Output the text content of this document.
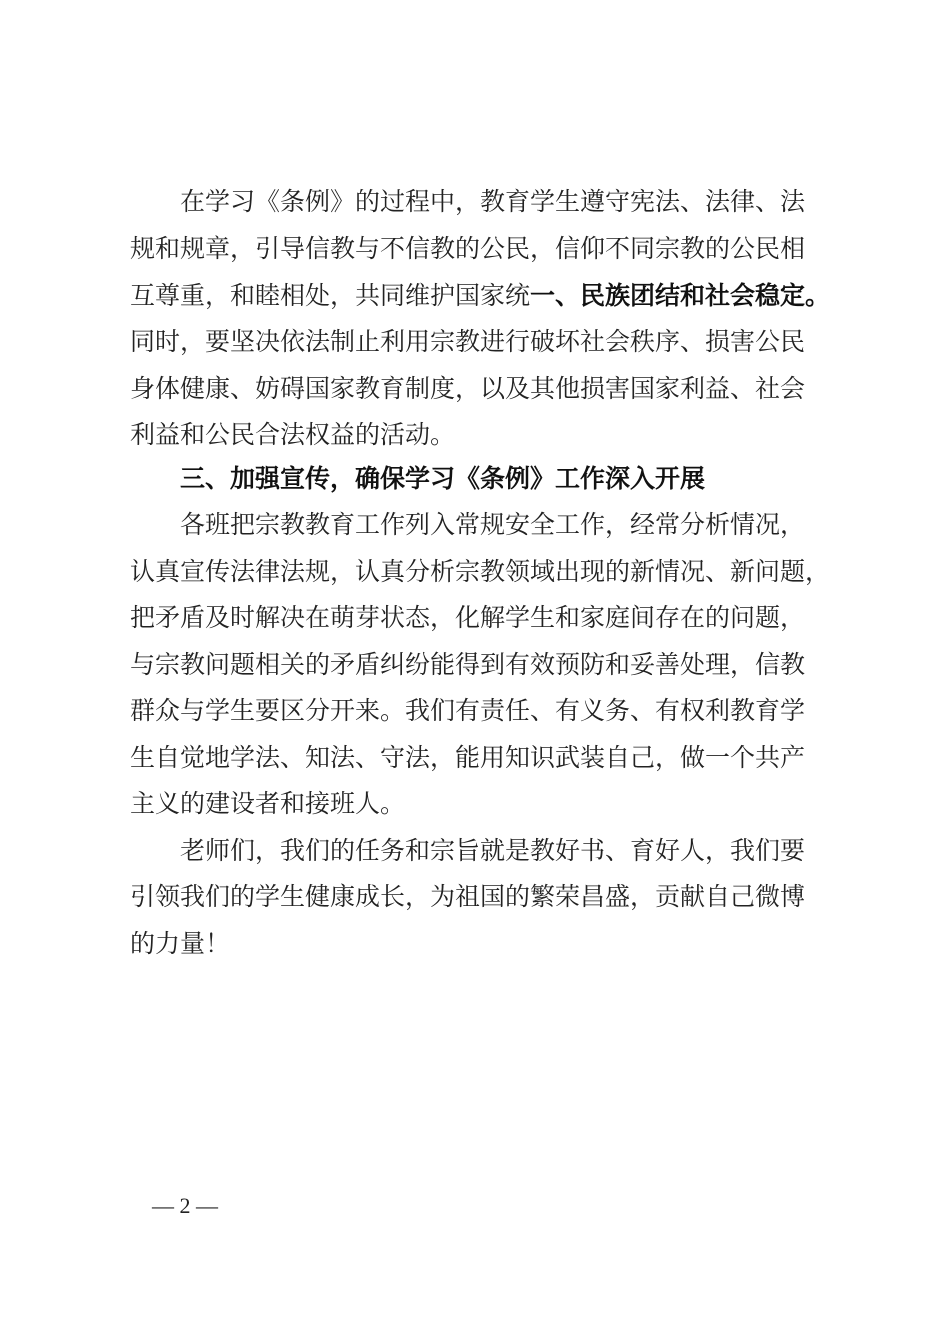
在学习《条例》的过程中，教育学生遵守宪法、法律、法
规和规章，引导信教与不信教的公民，信仰不同宗教的公民相
互尊重，和睦相处，共同维护国家统一、民族团结和社会稳定。
同时，要坚决依法制止利用宗教进行破坏社会秩序、损害公民
身体健康、妨碍国家教育制度，以及其他损害国家利益、社会
利益和公民合法权益的活动。
三、加强宣传，确保学习《条例》工作深入开展
各班把宗教教育工作列入常规安全工作，经常分析情况，
认真宣传法律法规，认真分析宗教领域出现的新情况、新问题，
把矛盾及时解决在萌芽状态，化解学生和家庭间存在的问题，
与宗教问题相关的矛盾纠纷能得到有效预防和妥善处理，信教
群众与学生要区分开来。我们有责任、有义务、有权利教育学
生自觉地学法、知法、守法，能用知识武装自己，做一个共产
主义的建设者和接班人。
老师们，我们的任务和宗旨就是教好书、育好人，我们要
引领我们的学生健康成长，为祖国的繁荣昌盛，贡献自己微博
的力量！
— 2 —
